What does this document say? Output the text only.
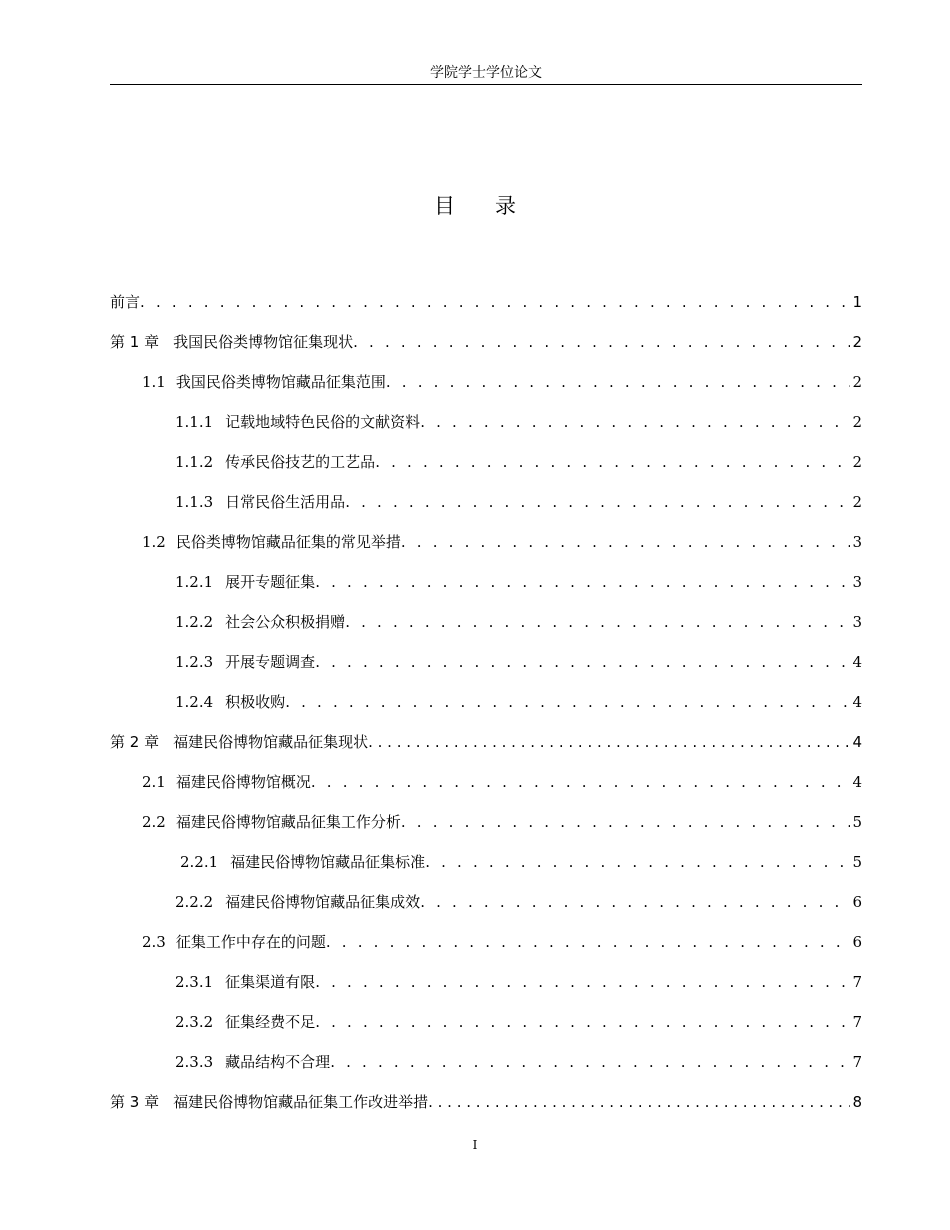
学院学士学位论文
目录
前言 . . .	1
第 1 章 我国民俗类博物馆征集现状 . . .	2
1.1 我国民俗类博物馆藏品征集范围 . . .	2
1.1.1 记载地域特色民俗的文献资料 . . .	2
1.1.2 传承民俗技艺的工艺品 . . .	2
1.1.3 日常民俗生活用品 . . .	2
1.2 民俗类博物馆藏品征集的常见举措 . . .	3
1.2.1 展开专题征集 . . .	3
1.2.2 社会公众积极捐赠 . . .	3
1.2.3 开展专题调查 . . .	4
1.2.4 积极收购 . . .	4
第 2 章 福建民俗博物馆藏品征集现状 . . .	4
2.1 福建民俗博物馆概况 . . .	4
2.2 福建民俗博物馆藏品征集工作分析 . . .	5
2.2.1 福建民俗博物馆藏品征集标准 . . .	5
2.2.2 福建民俗博物馆藏品征集成效 . . .	6
2.3 征集工作中存在的问题 . . .	6
2.3.1 征集渠道有限 . . .	7
2.3.2 征集经费不足 . . .	7
2.3.3 藏品结构不合理 . . .	7
第 3 章 福建民俗博物馆藏品征集工作改进举措 . . .	8
I
